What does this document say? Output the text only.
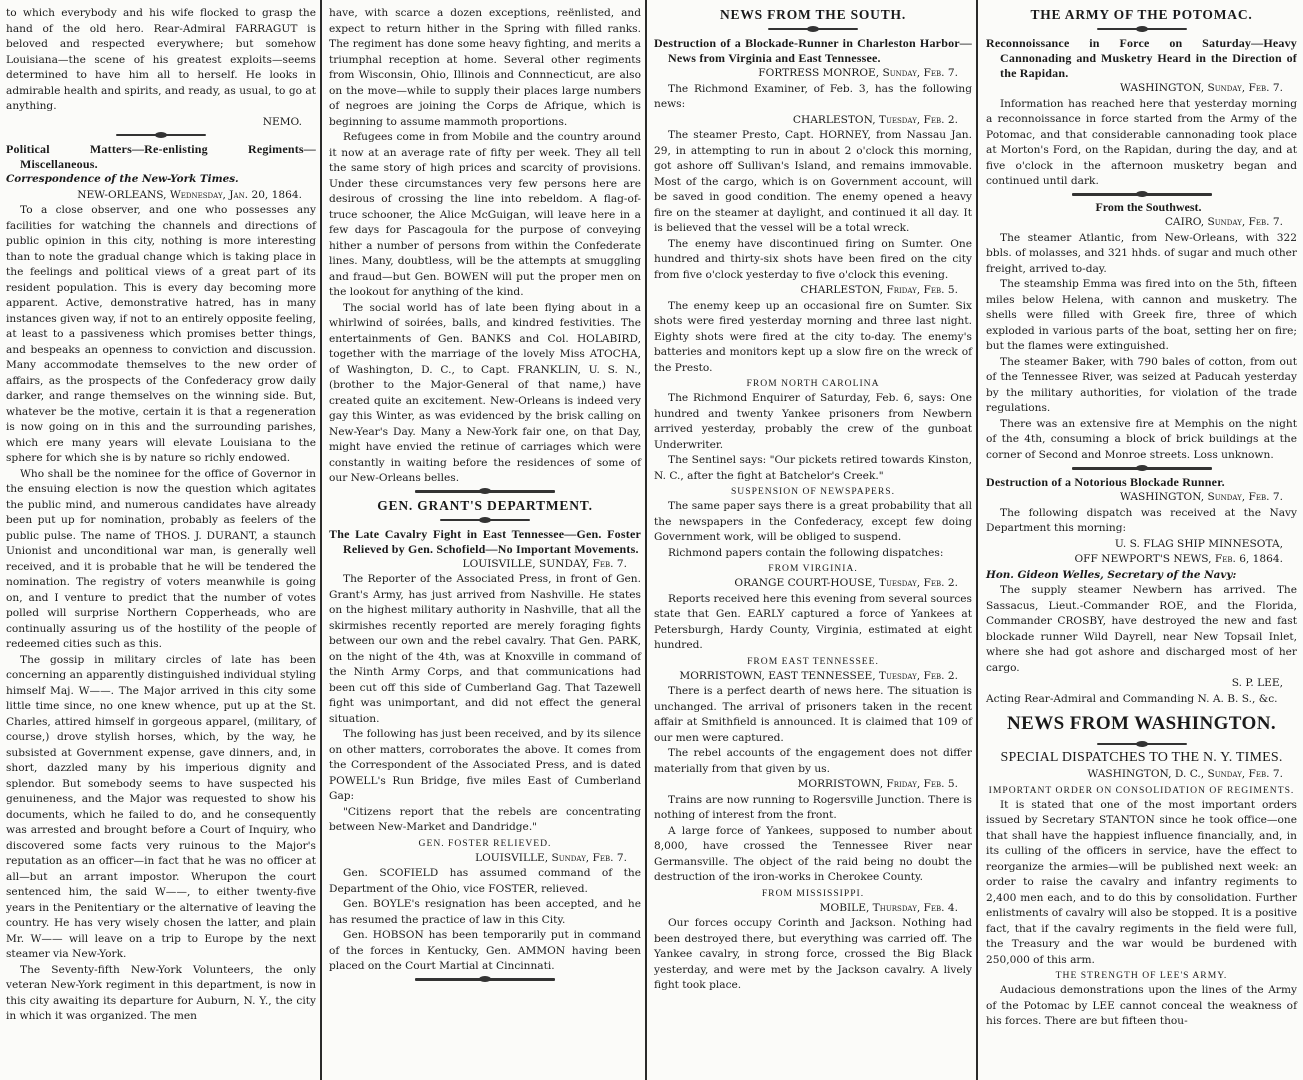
to which everybody and his wife flocked to grasp the hand of the old hero. Rear-Admiral FARRAGUT is beloved and respected everywhere; but somehow Louisiana—the scene of his greatest exploits—seems determined to have him all to herself. He looks in admirable health and spirits, and ready, as usual, to go at anything.

NEMO.

Political Matters—Re-enlisting Regiments—Miscellaneous.

Correspondence of the New-York Times.

NEW-ORLEANS, Wednesday, Jan. 20, 1864.

To a close observer, and one who possesses any facilities for watching the channels and directions of public opinion in this city, nothing is more interesting than to note the gradual change which is taking place in the feelings and political views of a great part of its resident population. This is every day becoming more apparent. Active, demonstrative hatred, has in many instances given way, if not to an entirely opposite feeling, at least to a passiveness which promises better things, and bespeaks an openness to conviction and discussion. Many accommodate themselves to the new order of affairs, as the prospects of the Confederacy grow daily darker, and range themselves on the winning side. But, whatever be the motive, certain it is that a regeneration is now going on in this and the surrounding parishes, which ere many years will elevate Louisiana to the sphere for which she is by nature so richly endowed.

Who shall be the nominee for the office of Governor in the ensuing election is now the question which agitates the public mind, and numerous candidates have already been put up for nomination, probably as feelers of the public pulse. The name of THOS. J. DURANT, a staunch Unionist and unconditional war man, is generally well received, and it is probable that he will be tendered the nomination. The registry of voters meanwhile is going on, and I venture to predict that the number of votes polled will surprise Northern Copperheads, who are continually assuring us of the hostility of the people of redeemed cities such as this.

The gossip in military circles of late has been concerning an apparently distinguished individual styling himself Maj. W——. The Major arrived in this city some little time since, no one knew whence, put up at the St. Charles, attired himself in gorgeous apparel, (military, of course,) drove stylish horses, which, by the way, he subsisted at Government expense, gave dinners, and, in short, dazzled many by his imperious dignity and splendor. But somebody seems to have suspected his genuineness, and the Major was requested to show his documents, which he failed to do, and he consequently was arrested and brought before a Court of Inquiry, who discovered some facts very ruinous to the Major's reputation as an officer—in fact that he was no officer at all—but an arrant impostor. Wherupon the court sentenced him, the said W——, to either twenty-five years in the Penitentiary or the alternative of leaving the country. He has very wisely chosen the latter, and plain Mr. W—— will leave on a trip to Europe by the next steamer via New-York.

The Seventy-fifth New-York Volunteers, the only veteran New-York regiment in this department, is now in this city awaiting its departure for Auburn, N. Y., the city in which it was organized. The men

have, with scarce a dozen exceptions, reënlisted, and expect to return hither in the Spring with filled ranks. The regiment has done some heavy fighting, and merits a triumphal reception at home. Several other regiments from Wisconsin, Ohio, Illinois and Connnecticut, are also on the move—while to supply their places large numbers of negroes are joining the Corps de Afrique, which is beginning to assume mammoth proportions.

Refugees come in from Mobile and the country around it now at an average rate of fifty per week. They all tell the same story of high prices and scarcity of provisions. Under these circumstances very few persons here are desirous of crossing the line into rebeldom. A flag-of-truce schooner, the Alice McGuigan, will leave here in a few days for Pascagoula for the purpose of conveying hither a number of persons from within the Confederate lines. Many, doubtless, will be the attempts at smuggling and fraud—but Gen. BOWEN will put the proper men on the lookout for anything of the kind.

The social world has of late been flying about in a whirlwind of soirées, balls, and kindred festivities. The entertainments of Gen. BANKS and Col. HOLABIRD, together with the marriage of the lovely Miss ATOCHA, of Washington, D. C., to Capt. FRANKLIN, U. S. N., (brother to the Major-General of that name,) have created quite an excitement. New-Orleans is indeed very gay this Winter, as was evidenced by the brisk calling on New-Year's Day. Many a New-York fair one, on that Day, might have envied the retinue of carriages which were constantly in waiting before the residences of some of our New-Orleans belles.

GEN. GRANT'S DEPARTMENT.

The Late Cavalry Fight in East Tennessee—Gen. Foster Relieved by Gen. Schofield—No Important Movements.

LOUISVILLE, SUNDAY, Feb. 7.

The Reporter of the Associated Press, in front of Gen. Grant's Army, has just arrived from Nashville. He states on the highest military authority in Nashville, that all the skirmishes recently reported are merely foraging fights between our own and the rebel cavalry. That Gen. PARK, on the night of the 4th, was at Knoxville in command of the Ninth Army Corps, and that communications had been cut off this side of Cumberland Gag. That Tazewell fight was unimportant, and did not effect the general situation.

The following has just been received, and by its silence on other matters, corroborates the above. It comes from the Correspondent of the Associated Press, and is dated POWELL's Run Bridge, five miles East of Cumberland Gap:

"Citizens report that the rebels are concentrating between New-Market and Dandridge."

GEN. FOSTER RELIEVED.

LOUISVILLE, Sunday, Feb. 7.

Gen. SCOFIELD has assumed command of the Department of the Ohio, vice FOSTER, relieved.

Gen. BOYLE's resignation has been accepted, and he has resumed the practice of law in this City.

Gen. HOBSON has been temporarily put in command of the forces in Kentucky, Gen. AMMON having been placed on the Court Martial at Cincinnati.

NEWS FROM THE SOUTH.

Destruction of a Blockade-Runner in Charleston Harbor—News from Virginia and East Tennessee.

FORTRESS MONROE, Sunday, Feb. 7.

The Richmond Examiner, of Feb. 3, has the following news:

CHARLESTON, Tuesday, Feb. 2.

The steamer Presto, Capt. HORNEY, from Nassau Jan. 29, in attempting to run in about 2 o'clock this morning, got ashore off Sullivan's Island, and remains immovable. Most of the cargo, which is on Government account, will be saved in good condition. The enemy opened a heavy fire on the steamer at daylight, and continued it all day. It is believed that the vessel will be a total wreck.

The enemy have discontinued firing on Sumter. One hundred and thirty-six shots have been fired on the city from five o'clock yesterday to five o'clock this evening.

CHARLESTON, Friday, Feb. 5.

The enemy keep up an occasional fire on Sumter. Six shots were fired yesterday morning and three last night. Eighty shots were fired at the city to-day. The enemy's batteries and monitors kept up a slow fire on the wreck of the Presto.

FROM NORTH CAROLINA

The Richmond Enquirer of Saturday, Feb. 6, says: One hundred and twenty Yankee prisoners from Newbern arrived yesterday, probably the crew of the gunboat Underwriter.

The Sentinel says: "Our pickets retired towards Kinston, N. C., after the fight at Batchelor's Creek."

SUSPENSION OF NEWSPAPERS.

The same paper says there is a great probability that all the newspapers in the Confederacy, except few doing Government work, will be obliged to suspend.

Richmond papers contain the following dispatches:

FROM VIRGINIA.

ORANGE COURT-HOUSE, Tuesday, Feb. 2.

Reports received here this evening from several sources state that Gen. EARLY captured a force of Yankees at Petersburgh, Hardy County, Virginia, estimated at eight hundred.

FROM EAST TENNESSEE.

MORRISTOWN, EAST TENNESSEE, Tuesday, Feb. 2.

There is a perfect dearth of news here. The situation is unchanged. The arrival of prisoners taken in the recent affair at Smithfield is announced. It is claimed that 109 of our men were captured.

The rebel accounts of the engagement does not differ materially from that given by us.

MORRISTOWN, Friday, Feb. 5.

Trains are now running to Rogersville Junction. There is nothing of interest from the front.

A large force of Yankees, supposed to number about 8,000, have crossed the Tennessee River near Germansville. The object of the raid being no doubt the destruction of the iron-works in Cherokee County.

FROM MISSISSIPPI.

MOBILE, Thursday, Feb. 4.

Our forces occupy Corinth and Jackson. Nothing had been destroyed there, but everything was carried off. The Yankee cavalry, in strong force, crossed the Big Black yesterday, and were met by the Jackson cavalry. A lively fight took place.

THE ARMY OF THE POTOMAC.

Reconnoissance in Force on Saturday—Heavy Cannonading and Musketry Heard in the Direction of the Rapidan.

WASHINGTON, Sunday, Feb. 7.

Information has reached here that yesterday morning a reconnoissance in force started from the Army of the Potomac, and that considerable cannonading took place at Morton's Ford, on the Rapidan, during the day, and at five o'clock in the afternoon musketry began and continued until dark.

From the Southwest.

CAIRO, Sunday, Feb. 7.

The steamer Atlantic, from New-Orleans, with 322 bbls. of molasses, and 321 hhds. of sugar and much other freight, arrived to-day.

The steamship Emma was fired into on the 5th, fifteen miles below Helena, with cannon and musketry. The shells were filled with Greek fire, three of which exploded in various parts of the boat, setting her on fire; but the flames were extinguished.

The steamer Baker, with 790 bales of cotton, from out of the Tennessee River, was seized at Paducah yesterday by the military authorities, for violation of the trade regulations.

There was an extensive fire at Memphis on the night of the 4th, consuming a block of brick buildings at the corner of Second and Monroe streets. Loss unknown.

Destruction of a Notorious Blockade Runner.

WASHINGTON, Sunday, Feb. 7.

The following dispatch was received at the Navy Department this morning:

U. S. FLAG SHIP MINNESOTA,

OFF NEWPORT'S NEWS, Feb. 6, 1864.

Hon. Gideon Welles, Secretary of the Navy:

The supply steamer Newbern has arrived. The Sassacus, Lieut.-Commander ROE, and the Florida, Commander CROSBY, have destroyed the new and fast blockade runner Wild Dayrell, near New Topsail Inlet, where she had got ashore and discharged most of her cargo.

S. P. LEE,

Acting Rear-Admiral and Commanding N. A. B. S., &c.

NEWS FROM WASHINGTON.
SPECIAL DISPATCHES TO THE N. Y. TIMES.

WASHINGTON, D. C., Sunday, Feb. 7.

IMPORTANT ORDER ON CONSOLIDATION OF REGIMENTS.

It is stated that one of the most important orders issued by Secretary STANTON since he took office—one that shall have the happiest influence financially, and, in its culling of the officers in service, have the effect to reorganize the armies—will be published next week: an order to raise the cavalry and infantry regiments to 2,400 men each, and to do this by consolidation. Further enlistments of cavalry will also be stopped. It is a positive fact, that if the cavalry regiments in the field were full, the Treasury and the war would be burdened with 250,000 of this arm.

THE STRENGTH OF LEE'S ARMY.

Audacious demonstrations upon the lines of the Army of the Potomac by LEE cannot conceal the weakness of his forces. There are but fifteen thou-
